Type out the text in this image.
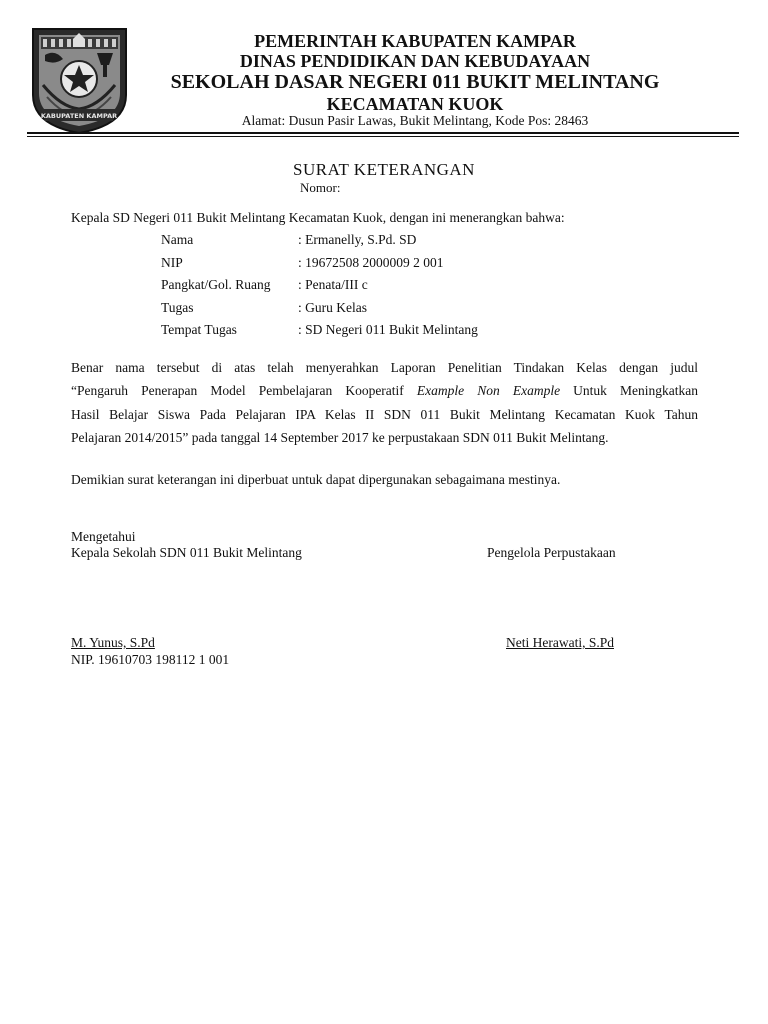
KABUPATEN KAMPAR
PEMERINTAH KABUPATEN KAMPAR
DINAS PENDIDIKAN DAN KEBUDAYAAN
SEKOLAH DASAR NEGERI 011 BUKIT MELINTANG
KECAMATAN KUOK
Alamat: Dusun Pasir Lawas, Bukit Melintang, Kode Pos: 28463
SURAT KETERANGAN
Nomor:
Kepala SD Negeri 011 Bukit Melintang Kecamatan Kuok, dengan ini menerangkan bahwa:
Nama	: Ermanelly, S.Pd. SD
NIP	: 19672508 2000009 2 001
Pangkat/Gol. Ruang : Penata/III c
Tugas	: Guru Kelas
Tempat Tugas	: SD Negeri 011 Bukit Melintang
Benar nama tersebut di atas telah menyerahkan Laporan Penelitian Tindakan Kelas dengan judul
“Pengaruh Penerapan Model Pembelajaran Kooperatif Example Non Example Untuk Meningkatkan
Hasil Belajar Siswa Pada Pelajaran IPA Kelas II SDN 011 Bukit Melintang Kecamatan Kuok Tahun
Pelajaran 2014/2015” pada tanggal 14 September 2017 ke perpustakaan SDN 011 Bukit Melintang.
Demikian surat keterangan ini diperbuat untuk dapat dipergunakan sebagaimana mestinya.
Mengetahui
Kepala Sekolah SDN 011 Bukit Melintang	Pengelola Perpustakaan
M. Yunus, S.Pd
NIP. 19610703 198112 1 001
Neti Herawati, S.Pd
